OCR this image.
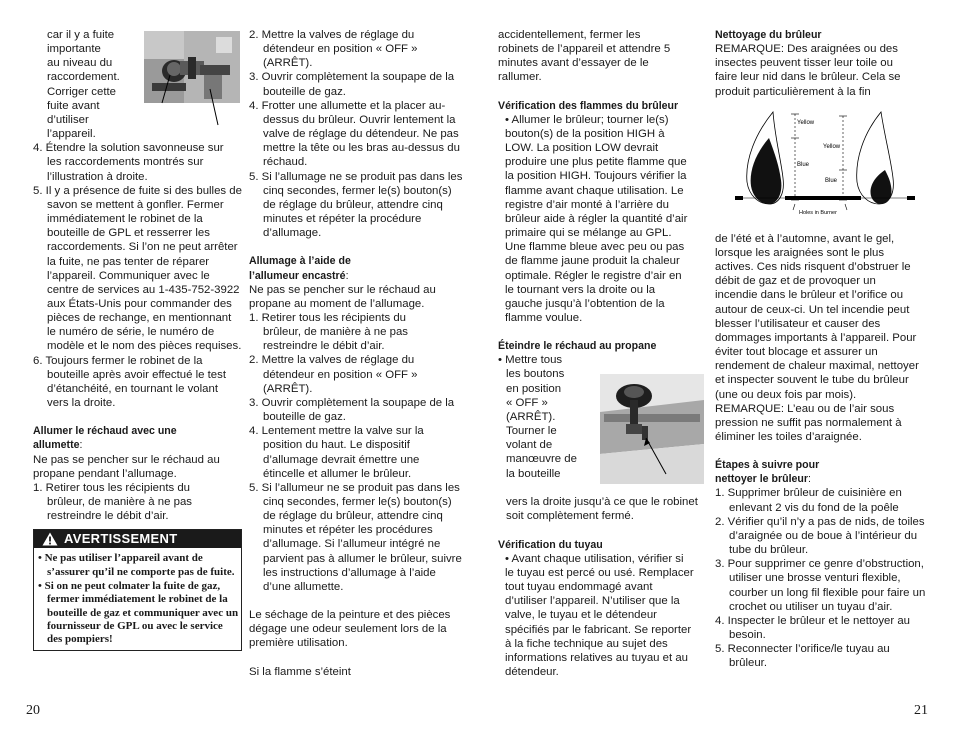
car il y a fuite

importante

au niveau du

raccordement.

Corriger cette

fuite avant

d’utiliser

l’appareil.

4. Étendre la solution savonneuse sur les raccordements montrés sur l’illustration à droite.

5. Il y a présence de fuite si des bulles de savon se mettent à gonfler. Fermer immédiatement le robinet de la bouteille de GPL et resserrer les raccordements. Si l’on ne peut arrêter la fuite, ne pas tenter de réparer l’appareil. Communiquer avec le centre de services au 1-435-752-3922 aux États-Unis pour commander des pièces de rechange, en mentionnant le numéro de série, le numéro de modèle et le nom des pièces requises.

6. Toujours fermer le robinet de la bouteille après avoir effectué le test d’étanchéité, en tournant le volant vers la droite.

Allumer le réchaud avec une allumette:

Ne pas se pencher sur le réchaud au propane pendant l’allumage.

1. Retirer tous les récipients du brûleur, de manière à ne pas restreindre le débit d’air.

AVERTISSEMENT

• Ne pas utiliser l’appareil avant de s’assurer qu’il ne comporte pas de fuite.

• Si on ne peut colmater la fuite de gaz, fermer immédiatement le robinet de la bouteille de gaz et communiquer avec un fournisseur de GPL ou avec le service des pompiers!

2. Mettre la valves de réglage du détendeur en position « OFF » (ARRÊT).

3. Ouvrir complètement la soupape de la bouteille de gaz.

4. Frotter une allumette et la placer au-dessus du brûleur. Ouvrir lentement la valve de réglage du détendeur. Ne pas mettre la tête ou les bras au-dessus du réchaud.

5. Si l’allumage ne se produit pas dans les cinq secondes, fermer le(s) bouton(s) de réglage du brûleur, attendre cinq minutes et répéter la procédure d’allumage.

Allumage à l’aide de l’allumeur encastré:

Ne pas se pencher sur le réchaud au propane au moment de l’allumage.

1. Retirer tous les récipients du brûleur, de manière à ne pas restreindre le débit d’air.

2. Mettre la valves de réglage du détendeur en position « OFF » (ARRÊT).

3. Ouvrir complètement la soupape de la bouteille de gaz.

4. Lentement mettre la valve sur la position du haut. Le dispositif d’allumage devrait émettre une étincelle et allumer le brûleur.

5. Si l’allumeur ne se produit pas dans les cinq secondes, fermer le(s) bouton(s) de réglage du brûleur, attendre cinq minutes et répéter les procédures d’allumage. Si l’allumeur intégré ne parvient pas à allumer le brûleur, suivre les instructions d’allumage à l’aide d’une allumette.

Le séchage de la peinture et des pièces dégage une odeur seulement lors de la première utilisation.

Si la flamme s’éteint

accidentellement, fermer les robinets de l’appareil et attendre 5 minutes avant d’essayer de le rallumer.

Vérification des flammes du brûleur

• Allumer le brûleur; tourner le(s) bouton(s) de la position HIGH à LOW. La position LOW devrait produire une plus petite flamme que la position HIGH. Toujours vérifier la flamme avant chaque utilisation. Le registre d’air monté à l’arrière du brûleur aide à régler la quantité d’air primaire qui se mélange au GPL. Une flamme bleue avec peu ou pas de flamme jaune produit la chaleur optimale. Régler le registre d’air en le tournant vers la droite ou la gauche jusqu’à l’obtention de la flamme voulue.

Éteindre le réchaud au propane

• Mettre tous

les boutons

en position

« OFF »

(ARRÊT).

Tourner le

volant de

manœuvre de

la bouteille

vers la droite jusqu’à ce que le robinet soit complètement fermé.

Vérification du tuyau

• Avant chaque utilisation, vérifier si le tuyau est percé ou usé. Remplacer tout tuyau endommagé avant d’utiliser l’appareil. N’utiliser que la valve, le tuyau et le détendeur spécifiés par le fabricant. Se reporter à la fiche technique au sujet des informations relatives au tuyau et au détendeur.

Nettoyage du brûleur

REMARQUE: Des araignées ou des insectes peuvent tisser leur toile ou faire leur nid dans le brûleur. Cela se produit particulièrement à la fin

de l’été et à l’automne, avant le gel, lorsque les araignées sont le plus actives. Ces nids risquent d’obstruer le débit de gaz et de provoquer un incendie dans le brûleur et l’orifice ou autour de ceux-ci. Un tel incendie peut blesser l’utilisateur et causer des dommages importants à l’appareil. Pour éviter tout blocage et assurer un rendement de chaleur maximal, nettoyer et inspecter souvent le tube du brûleur (une ou deux fois par mois).

REMARQUE: L’eau ou de l’air sous pression ne suffit pas normalement à éliminer les toiles d’araignée.

Étapes à suivre pour nettoyer le brûleur:

1. Supprimer brûleur de cuisinière en enlevant 2 vis du fond de la poêle

2. Vérifier qu’il n’y a pas de nids, de toiles d’araignée ou de boue à l’intérieur du tube du brûleur.

3. Pour supprimer ce genre d’obstruction, utiliser une brosse venturi flexible, courber un long fil flexible pour faire un crochet ou utiliser un tuyau d’air.

4. Inspecter le brûleur et le nettoyer au besoin.

5. Reconnecter l’orifice/le tuyau au brûleur.

Yellow
Blue
Yellow
Blue
Holes in Burner
20	21
